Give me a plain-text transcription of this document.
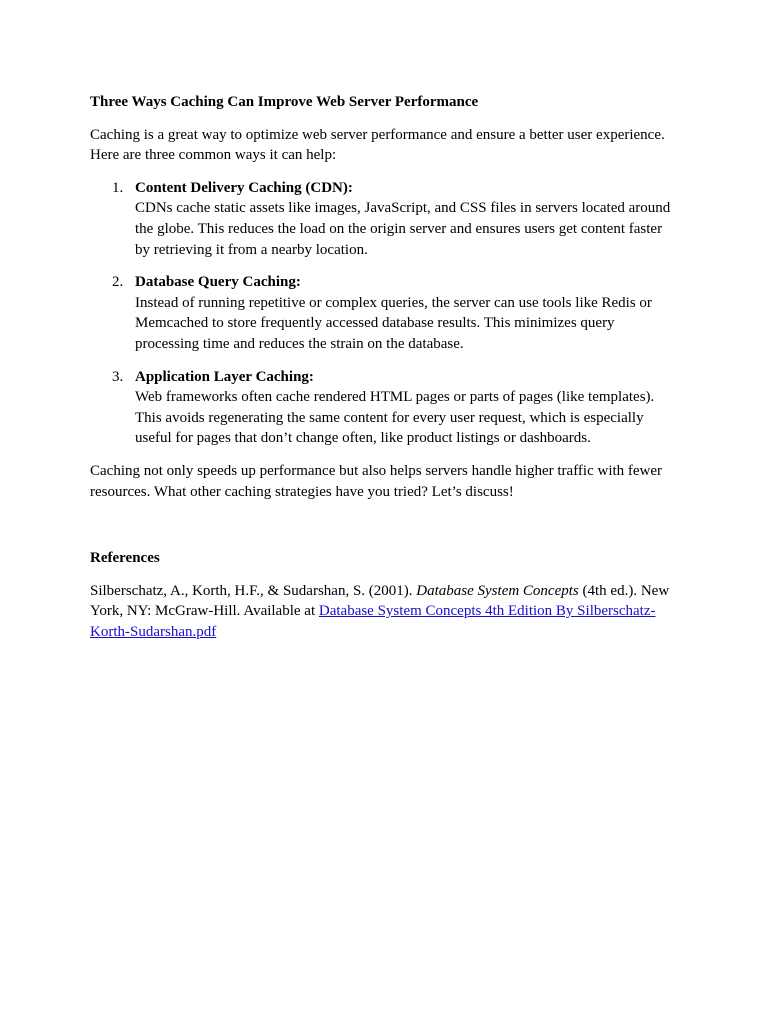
Three Ways Caching Can Improve Web Server Performance

Caching is a great way to optimize web server performance and ensure a better user experience. Here are three common ways it can help:

1. Content Delivery Caching (CDN):
CDNs cache static assets like images, JavaScript, and CSS files in servers located around the globe. This reduces the load on the origin server and ensures users get content faster by retrieving it from a nearby location.
2. Database Query Caching:
Instead of running repetitive or complex queries, the server can use tools like Redis or Memcached to store frequently accessed database results. This minimizes query processing time and reduces the strain on the database.
3. Application Layer Caching:
Web frameworks often cache rendered HTML pages or parts of pages (like templates). This avoids regenerating the same content for every user request, which is especially useful for pages that don’t change often, like product listings or dashboards.

Caching not only speeds up performance but also helps servers handle higher traffic with fewer resources. What other caching strategies have you tried? Let’s discuss!

References

Silberschatz, A., Korth, H.F., & Sudarshan, S. (2001). Database System Concepts (4th ed.). New York, NY: McGraw-Hill. Available at Database System Concepts 4th Edition By Silberschatz-Korth-Sudarshan.pdf
